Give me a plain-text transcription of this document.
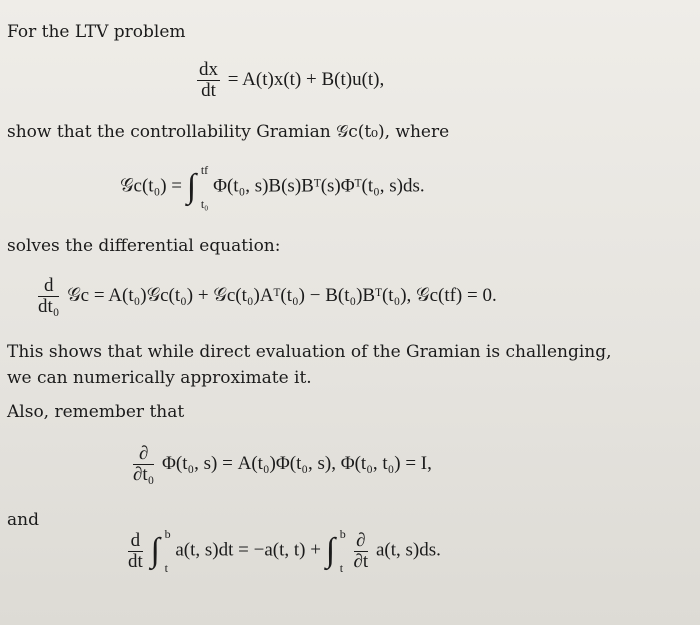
For the LTV problem
$\frac{dx}{dt} = A(t)x(t) + B(t)u(t)$,
show that the controllability Gramian 𝒢c(t₀), where
𝒢c(t₀) = ∫ tf
t₀
Φ(t₀, s)B(s)Bᵀ(s)Φᵀ(t₀, s)ds.
solves the differential equation:
$\frac{d}{\text{dt₀}}$ 𝒢c = A(t₀)𝒢c(t₀) + 𝒢c(t₀)Aᵀ(t₀) − B(t₀)Bᵀ(t₀), 𝒢c(tf) = 0.
This shows that while direct evaluation of the Gramian is challenging,
we can numerically approximate it.
Also, remember that
$\frac{\partial}{\text{∂t₀}} \Phi(t_0$, s) = A(t₀)Φ(t₀, s), Φ(t₀, t₀) = I,
and
$\frac{d}{dt}$ ∫ b
t
a(t, s)dt = −a(t, t) + ∫ b
t
$\frac{\partial}{\partial t} a(t$, s)ds.
